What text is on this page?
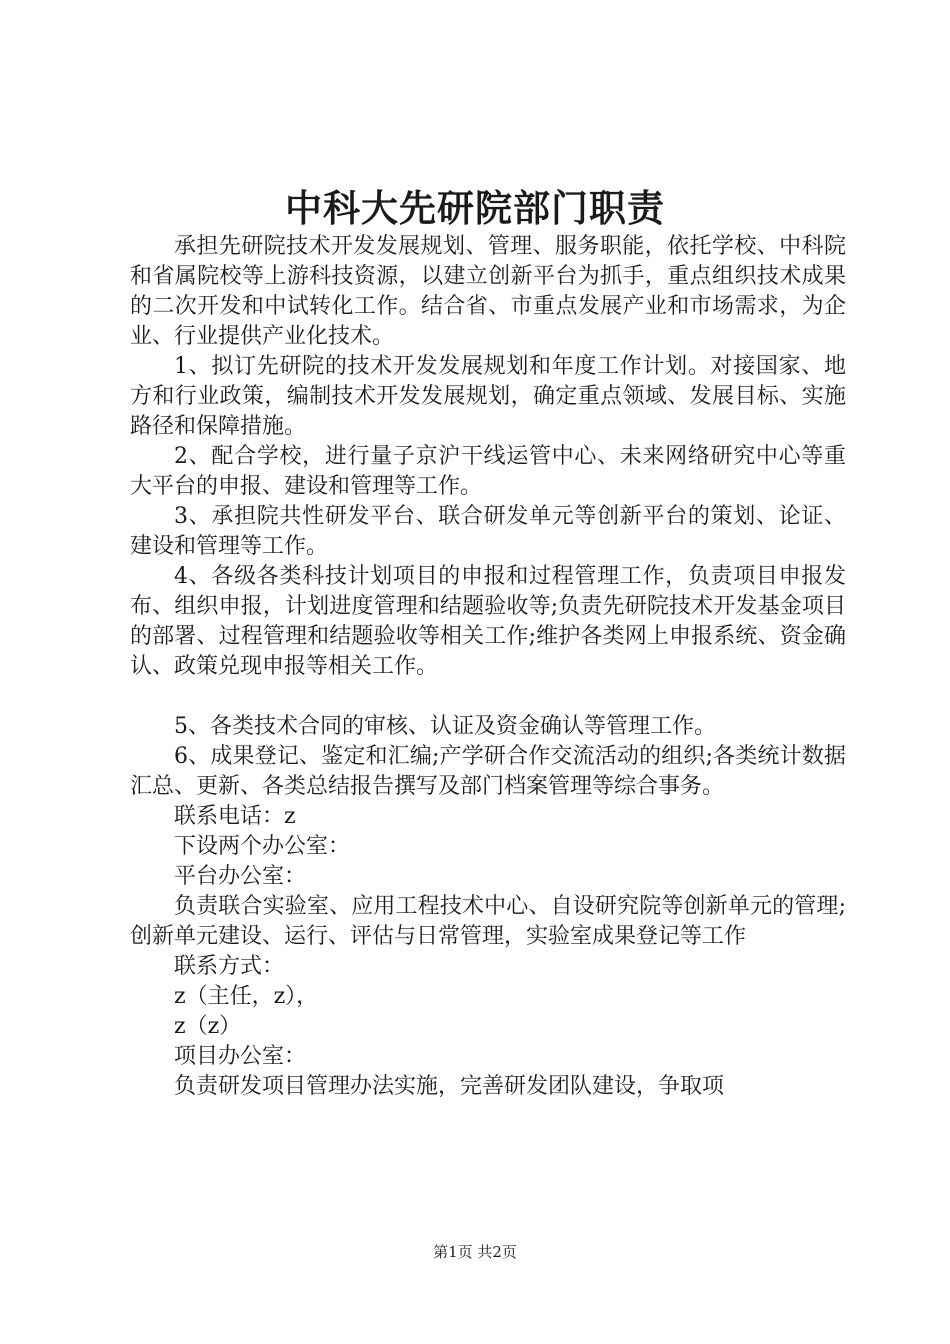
中科大先研院部门职责

承担先研院技术开发发展规划、管理、服务职能，依托学校、中科院和省属院校等上游科技资源，以建立创新平台为抓手，重点组织技术成果的二次开发和中试转化工作。结合省、市重点发展产业和市场需求，为企业、行业提供产业化技术。

1、拟订先研院的技术开发发展规划和年度工作计划。对接国家、地方和行业政策，编制技术开发发展规划，确定重点领域、发展目标、实施路径和保障措施。

2、配合学校，进行量子京沪干线运管中心、未来网络研究中心等重大平台的申报、建设和管理等工作。

3、承担院共性研发平台、联合研发单元等创新平台的策划、论证、建设和管理等工作。

4、各级各类科技计划项目的申报和过程管理工作，负责项目申报发布、组织申报，计划进度管理和结题验收等;负责先研院技术开发基金项目的部署、过程管理和结题验收等相关工作;维护各类网上申报系统、资金确认、政策兑现申报等相关工作。

5、各类技术合同的审核、认证及资金确认等管理工作。

6、成果登记、鉴定和汇编;产学研合作交流活动的组织;各类统计数据汇总、更新、各类总结报告撰写及部门档案管理等综合事务。

联系电话：z

下设两个办公室：

平台办公室：

负责联合实验室、应用工程技术中心、自设研究院等创新单元的管理;创新单元建设、运行、评估与日常管理，实验室成果登记等工作

联系方式：

z（主任，z），

z（z）

项目办公室：

负责研发项目管理办法实施，完善研发团队建设，争取项

第1页 共2页
